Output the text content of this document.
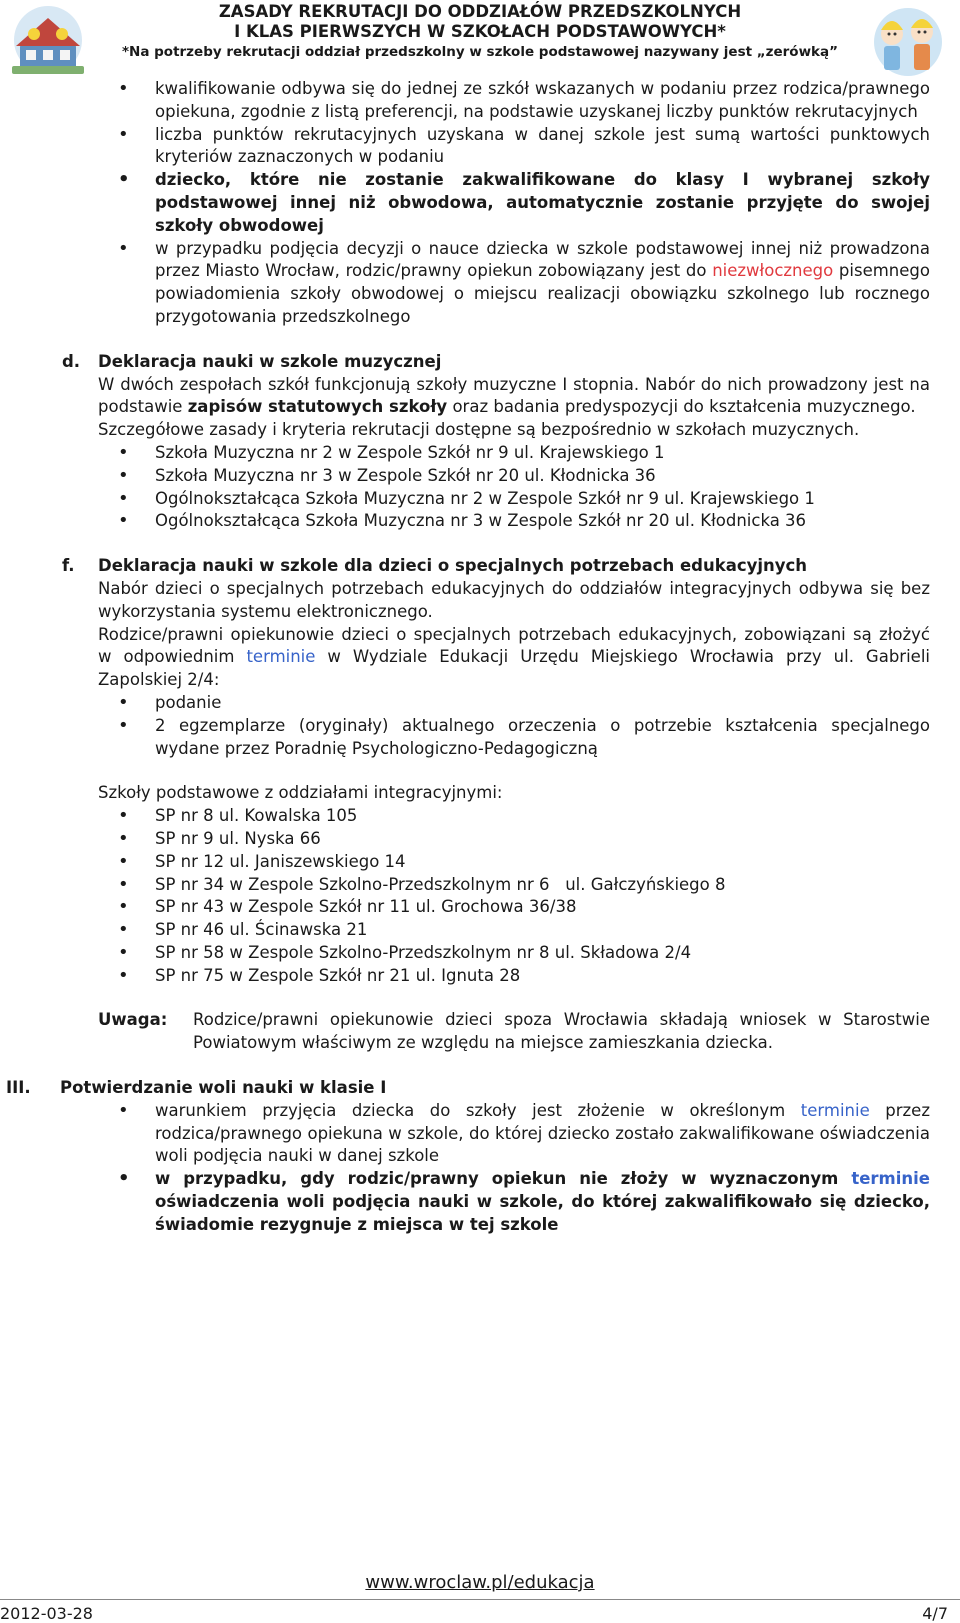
ZASADY REKRUTACJI DO ODDZIAŁÓW PRZEDSZKOLNYCH
I KLAS PIERWSZYCH W SZKOŁACH PODSTAWOWYCH*
*Na potrzeby rekrutacji oddział przedszkolny w szkole podstawowej nazywany jest „zerówką”
• kwalifikowanie odbywa się do jednej ze szkół wskazanych w podaniu przez rodzica/prawnego opiekuna, zgodnie z listą preferencji, na podstawie uzyskanej liczby punktów rekrutacyjnych
• liczba punktów rekrutacyjnych uzyskana w danej szkole jest sumą wartości punktowych kryteriów zaznaczonych w podaniu
• dziecko, które nie zostanie zakwalifikowane do klasy I wybranej szkoły podstawowej innej niż obwodowa, automatycznie zostanie przyjęte do swojej szkoły obwodowej
• w przypadku podjęcia decyzji o nauce dziecka w szkole podstawowej innej niż prowadzona przez Miasto Wrocław, rodzic/prawny opiekun zobowiązany jest do niezwłocznego pisemnego powiadomienia szkoły obwodowej o miejscu realizacji obowiązku szkolnego lub rocznego przygotowania przedszkolnego
d. Deklaracja nauki w szkole muzycznej
W dwóch zespołach szkół funkcjonują szkoły muzyczne I stopnia. Nabór do nich prowadzony jest na podstawie zapisów statutowych szkoły oraz badania predyspozycji do kształcenia muzycznego.
Szczegółowe zasady i kryteria rekrutacji dostępne są bezpośrednio w szkołach muzycznych.
• Szkoła Muzyczna nr 2 w Zespole Szkół nr 9 ul. Krajewskiego 1
• Szkoła Muzyczna nr 3 w Zespole Szkół nr 20 ul. Kłodnicka 36
• Ogólnokształcąca Szkoła Muzyczna nr 2 w Zespole Szkół nr 9 ul. Krajewskiego 1
• Ogólnokształcąca Szkoła Muzyczna nr 3 w Zespole Szkół nr 20 ul. Kłodnicka 36
f. Deklaracja nauki w szkole dla dzieci o specjalnych potrzebach edukacyjnych
Nabór dzieci o specjalnych potrzebach edukacyjnych do oddziałów integracyjnych odbywa się bez wykorzystania systemu elektronicznego.
Rodzice/prawni opiekunowie dzieci o specjalnych potrzebach edukacyjnych, zobowiązani są złożyć w odpowiednim terminie w Wydziale Edukacji Urzędu Miejskiego Wrocławia przy ul. Gabrieli Zapolskiej 2/4:
• podanie
• 2 egzemplarze (oryginały) aktualnego orzeczenia o potrzebie kształcenia specjalnego wydane przez Poradnię Psychologiczno-Pedagogiczną
Szkoły podstawowe z oddziałami integracyjnymi:
• SP nr 8 ul. Kowalska 105
• SP nr 9 ul. Nyska 66
• SP nr 12 ul. Janiszewskiego 14
• SP nr 34 w Zespole Szkolno-Przedszkolnym nr 6   ul. Gałczyńskiego 8
• SP nr 43 w Zespole Szkół nr 11 ul. Grochowa 36/38
• SP nr 46 ul. Ścinawska 21
• SP nr 58 w Zespole Szkolno-Przedszkolnym nr 8 ul. Składowa 2/4
• SP nr 75 w Zespole Szkół nr 21 ul. Ignuta 28
Uwaga: Rodzice/prawni opiekunowie dzieci spoza Wrocławia składają wniosek w Starostwie Powiatowym właściwym ze względu na miejsce zamieszkania dziecka.
III. Potwierdzanie woli nauki w klasie I
• warunkiem przyjęcia dziecka do szkoły jest złożenie w określonym terminie przez rodzica/prawnego opiekuna w szkole, do której dziecko zostało zakwalifikowane oświadczenia woli podjęcia nauki w danej szkole
• w przypadku, gdy rodzic/prawny opiekun nie złoży w wyznaczonym terminie oświadczenia woli podjęcia nauki w szkole, do której zakwalifikowało się dziecko, świadomie rezygnuje z miejsca w tej szkole
www.wroclaw.pl/edukacja
2012-03-28	4/7
